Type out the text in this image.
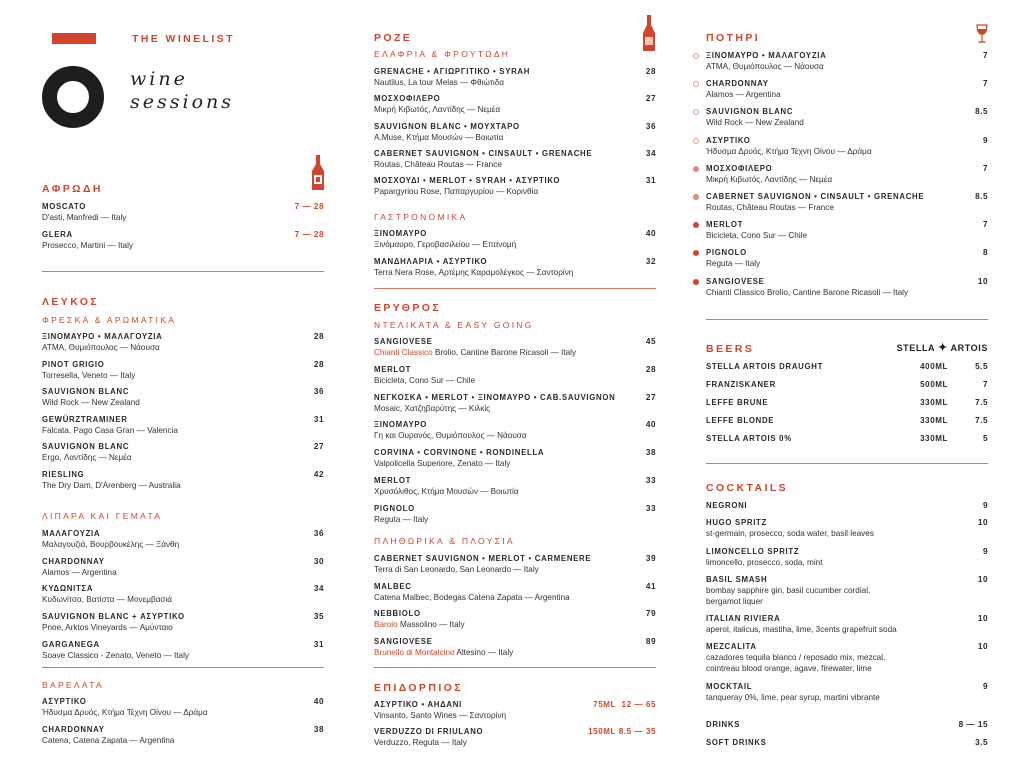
THE WINELIST
wine
sessions
ΑΦΡΩΔΗ
MOSCATO	7 — 28
D'asti, Manfredi — Italy
GLERA	7 — 28
Prosecco, Martini — Italy
ΛΕΥΚΟΣ
ΦΡΕΣΚΑ & ΑΡΩΜΑΤΙΚΑ
ΞΙΝΟΜΑΥΡΟ • ΜΑΛΑΓΟΥΖΙΑ	28
ΑΤΜΑ, Θυμιόπουλος — Νάουσα
PINOT GRIGIO	28
Torresella, Veneto — Italy
SAUVIGNON BLANC	36
Wild Rock — New Zealand
GEWÜRZTRAMINER	31
Falcata, Pago Casa Gran — Valencia
SAUVIGNON BLANC	27
Ergo, Λαντίδης — Νεμέα
RIESLING	42
The Dry Dam, D'Arenberg — Australia
ΛΙΠΑΡΑ ΚΑΙ ΓΕΜΑΤΑ
ΜΑΛΑΓΟΥΖΙΑ	36
Μαλαγουζιά, Βουρβουκέλης — Ξάνθη
CHARDONNAY	30
Alamos — Argentina
ΚΥΔΩΝΙΤΣΑ	34
Κυδωνίτσα, Βατίστα — Μονεμβασιά
SAUVIGNON BLANC + ΑΣΥΡΤΙΚΟ	35
Pnoe, Arktos Vineyards — Αμύνταιο
GARGANEGA	31
Soave Classico - Zenato, Veneto — Italy
ΒΑΡΕΛΑΤΑ
ΑΣΥΡΤΙΚΟ	40
Ήδυσμα Δρυός, Κτήμα Τέχνη Οίνου — Δράμα
CHARDONNAY	38
Catena, Catena Zapata — Argentina
ΡΟΖΕ
ΕΛΑΦΡΙΑ & ΦΡΟΥΤΩΔΗ
GRENACHE • ΑΓΙΩΡΓΙΤΙΚΟ • SYRAH	28
Nautilus, La tour Melas — Φθιώτιδα
ΜΟΣΧΟΦΙΛΕΡΟ	27
Μικρή Κιβωτός, Λαντίδης — Νεμέα
SAUVIGNON BLANC • ΜΟΥΧΤΑΡΟ	36
A.Muse, Κτήμα Μουσών — Βοιωτία
CABERNET SAUVIGNON • CINSAULT • GRENACHE	34
Routas, Château Routas — France
ΜΟΣΧΟΥΔΙ • MERLOT • SYRAH • ΑΣΥΡΤΙΚΟ	31
Papargyriou Rose, Παπαργυρίου — Κορινθία
ΓΑΣΤΡΟΝΟΜΙΚΑ
ΞΙΝΟΜΑΥΡΟ	40
Ξινόμαυρο, Γεροβασιλείου — Επανομή
ΜΑΝΔΗΛΑΡΙΑ • ΑΣΥΡΤΙΚΟ	32
Terra Nera Rose, Αρτέμης Καραμολέγκος — Σαντορίνη
ΕΡΥΘΡΟΣ
ΝΤΕΛΙΚΑΤΑ & EASY GOING
SANGIOVESE	45
Chianti Classico Brolio, Cantine Barone Ricasoli — Italy
MERLOT	28
Bicicleta, Cono Sur — Chile
ΝΕΓΚΟΣΚΑ • MERLOT • ΞΙΝΟΜΑΥΡΟ • CAB.SAUVIGNON	27
Mosaic, Χατζηβαρύτης — Κιλκίς
ΞΙΝΟΜΑΥΡΟ	40
Γη και Ουρανός, Θυμιόπουλος — Νάουσα
CORVINA • CORVINONE • RONDINELLA	38
Valpolicella Superiore, Zenato — Italy
MERLOT	33
Χρυσόλιθος, Κτήμα Μουσών — Βοιωτία
PIGNOLO	33
Reguta — Italy
ΠΛΗΘΩΡΙΚΑ & ΠΛΟΥΣΙΑ
CABERNET SAUVIGNON • MERLOT • CARMENERE	39
Terra di San Leonardo, San Leonardo — Italy
MALBEC	41
Catena Malbec, Bodegas Catena Zapata — Argentina
NEBBIOLO	79
Barolo Massolino — Italy
SANGIOVESE	89
Brunello di Montalcino Altesino — Italy
ΕΠΙΔΟΡΠΙΟΣ
ΑΣΥΡΤΙΚΟ • ΑΗΔΑΝΙ	75ML 12 — 65
Vinsanto, Santo Wines — Σαντορίνη
VERDUZZO DI FRIULANO	150ML 8.5 — 35
Verduzzo, Reguta — Italy
ΠΟΤΗΡΙ
ΞΙΝΟΜΑΥΡΟ • ΜΑΛΑΓΟΥΖΙΑ	7
ΑΤΜΑ, Θυμιόπουλος — Νάουσα
CHARDONNAY	7
Alamos — Argentina
SAUVIGNON BLANC	8.5
Wild Rock — New Zealand
ΑΣΥΡΤΙΚΟ	9
Ήδυσμα Δρυός, Κτήμα Τέχνη Οίνου — Δράμα
ΜΟΣΧΟΦΙΛΕΡΟ	7
Μικρή Κιβωτός, Λαντίδης — Νεμέα
CABERNET SAUVIGNON • CINSAULT • GRENACHE	8.5
Routas, Château Routas — France
MERLOT	7
Bicicleta, Cono Sur — Chile
PIGNOLO	8
Reguta — Italy
SANGIOVESE	10
Chianti Classico Brolio, Cantine Barone Ricasoli — Italy
BEERS	STELLA ✦ ARTOIS
STELLA ARTOIS DRAUGHT	400ML	5.5
FRANZISKANER	500ML	7
LEFFE BRUNE	330ML	7.5
LEFFE BLONDE	330ML	7.5
STELLA ARTOIS 0%	330ML	5
COCKTAILS
NEGRONI	9
HUGO SPRITZ	10
st-germain, prosecco, soda water, basil leaves
LIMONCELLO SPRITZ	9
limoncello, prosecco, soda, mint
BASIL SMASH	10
bombay sapphire gin, basil cucumber cordial,
bergamot liquer
ITALIAN RIVIERA	10
aperol, italicus, mastiha, lime, 3cents grapefruit soda
MEZCALITA	10
cazadores tequila blanco / reposado mix, mezcal,
cointreau blood orange, agave, firewater, lime
MOCKTAIL	9
tanqueray 0%, lime, pear syrup, martini vibrante
DRINKS	8 — 15
SOFT DRINKS	3.5
